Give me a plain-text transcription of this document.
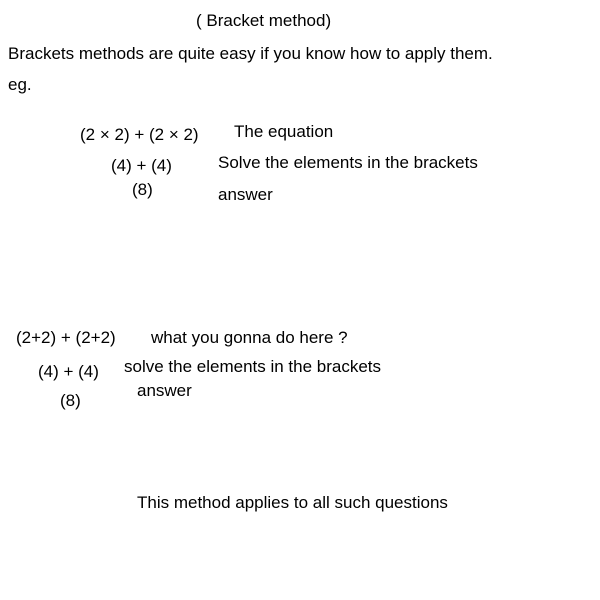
( Bracket method)
Brackets methods are quite easy if you know how to apply them.
eg.
(2 × 2) + (2 × 2) The equation
(4) + (4)	Solve the elements in the brackets
(8)	answer
(2+2) + (2+2) what you gonna do here ?
(4) + (4) solve the elements in the brackets
(8)
answer
This method applies to all such questions
